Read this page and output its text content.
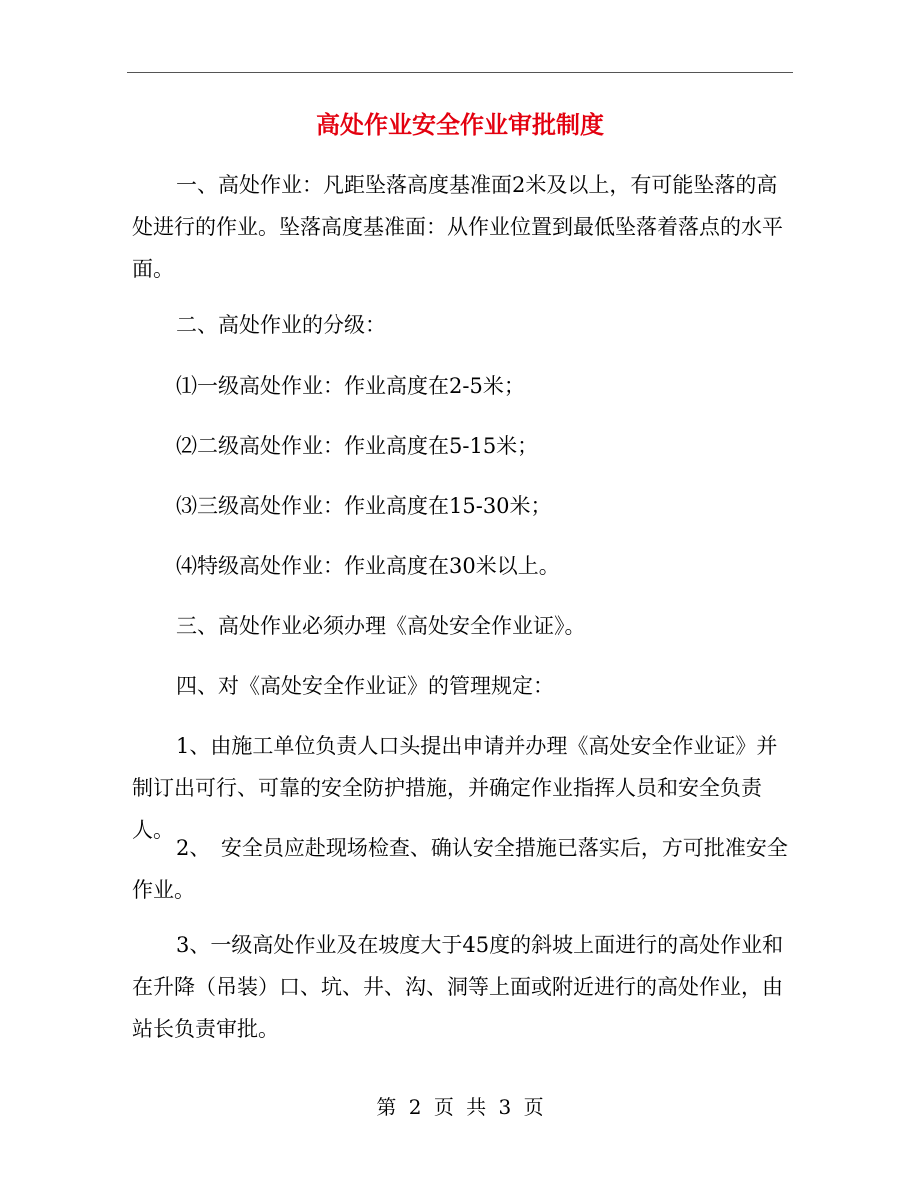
高处作业安全作业审批制度

一、高处作业：凡距坠落高度基准面2米及以上，有可能坠落的高处进行的作业。坠落高度基准面：从作业位置到最低坠落着落点的水平面。

二、高处作业的分级：

⑴一级高处作业：作业高度在2-5米；

⑵二级高处作业：作业高度在5-15米；

⑶三级高处作业：作业高度在15-30米；

⑷特级高处作业：作业高度在30米以上。

三、高处作业必须办理《高处安全作业证》。

四、对《高处安全作业证》的管理规定：

1、由施工单位负责人口头提出申请并办理《高处安全作业证》并制订出可行、可靠的安全防护措施，并确定作业指挥人员和安全负责人。

2、　安全员应赴现场检查、确认安全措施已落实后，方可批准安全作业。

3、一级高处作业及在坡度大于45度的斜坡上面进行的高处作业和在升降（吊装）口、坑、井、沟、洞等上面或附近进行的高处作业，由站长负责审批。

第 2 页 共 3 页
